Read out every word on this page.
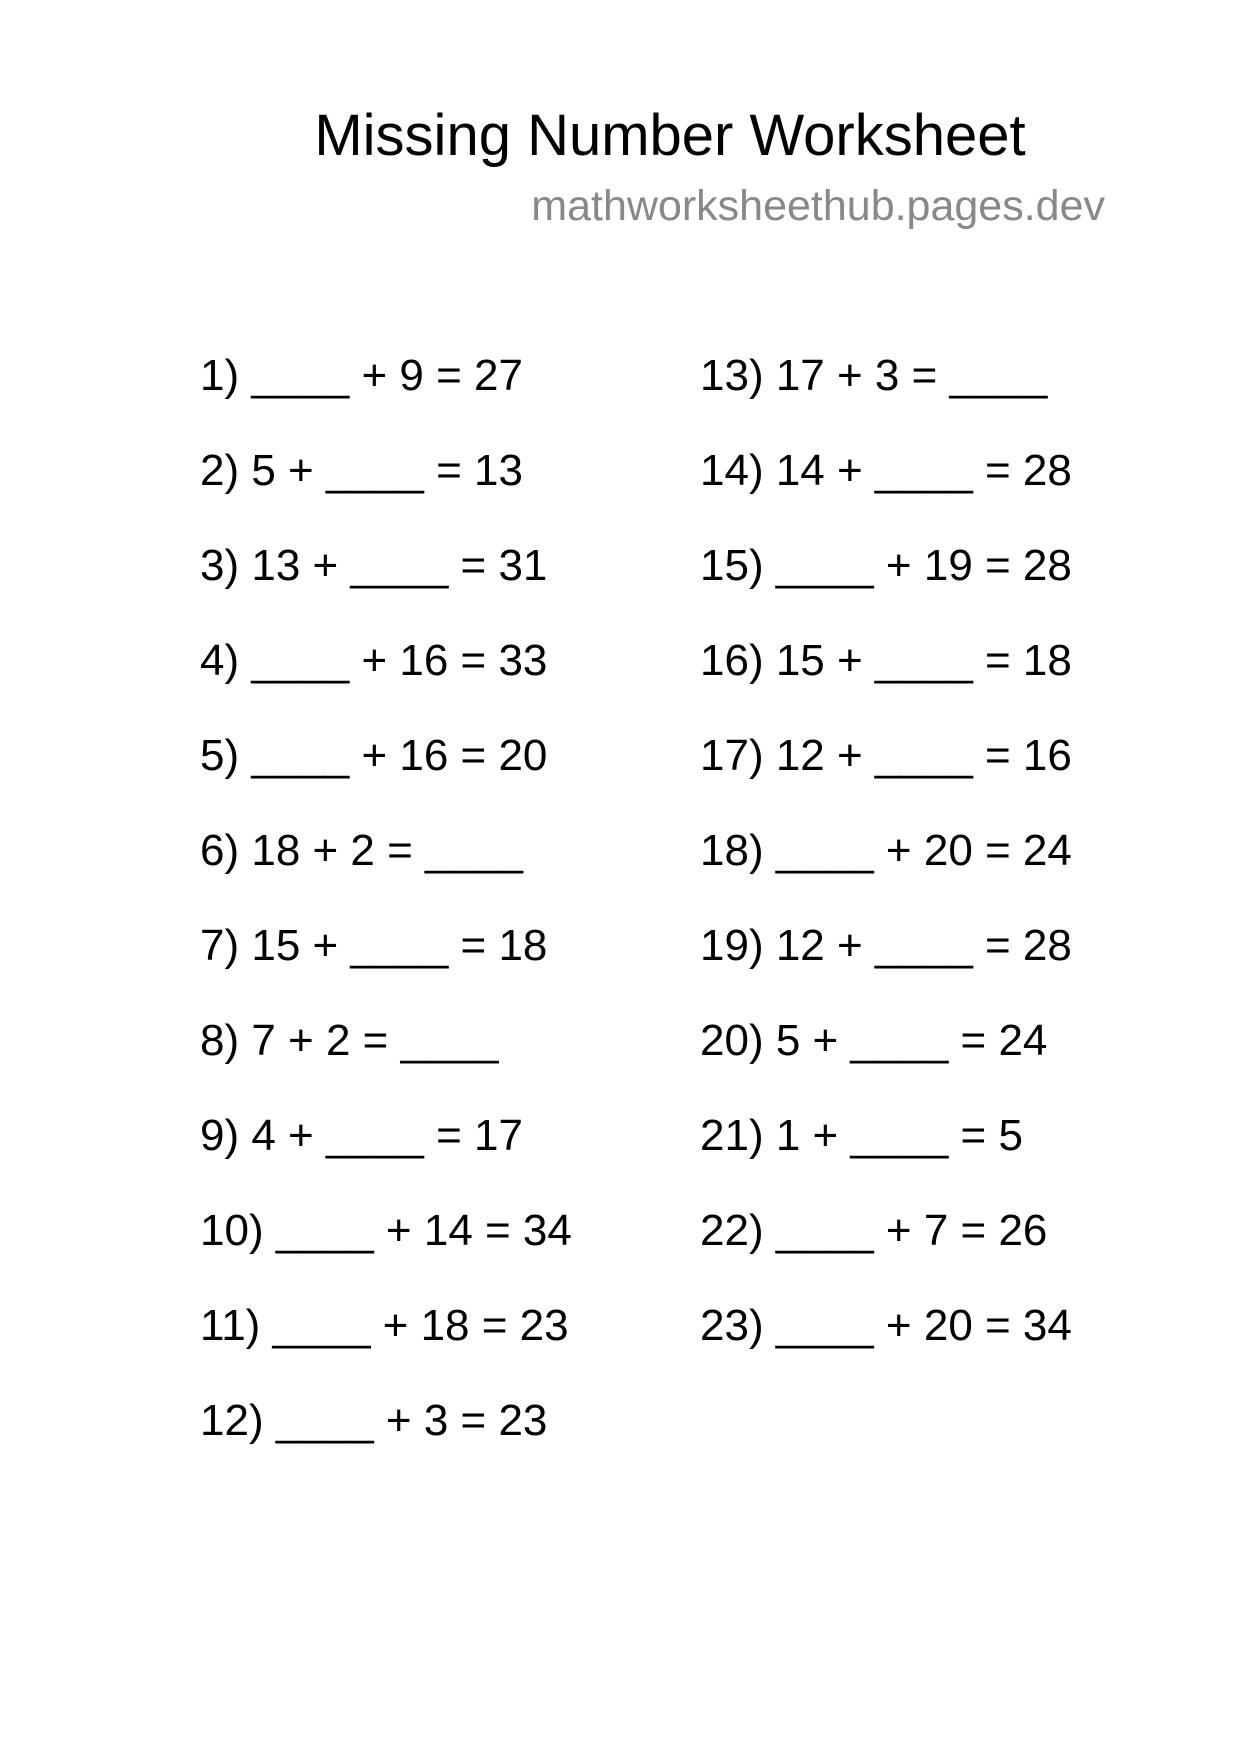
Missing Number Worksheet
mathworksheethub.pages.dev
1) ____ + 9 = 27
2) 5 + ____ = 13
3) 13 + ____ = 31
4) ____ + 16 = 33
5) ____ + 16 = 20
6) 18 + 2 = ____
7) 15 + ____ = 18
8) 7 + 2 = ____
9) 4 + ____ = 17
10) ____ + 14 = 34
11) ____ + 18 = 23
12) ____ + 3 = 23
13) 17 + 3 = ____
14) 14 + ____ = 28
15) ____ + 19 = 28
16) 15 + ____ = 18
17) 12 + ____ = 16
18) ____ + 20 = 24
19) 12 + ____ = 28
20) 5 + ____ = 24
21) 1 + ____ = 5
22) ____ + 7 = 26
23) ____ + 20 = 34
